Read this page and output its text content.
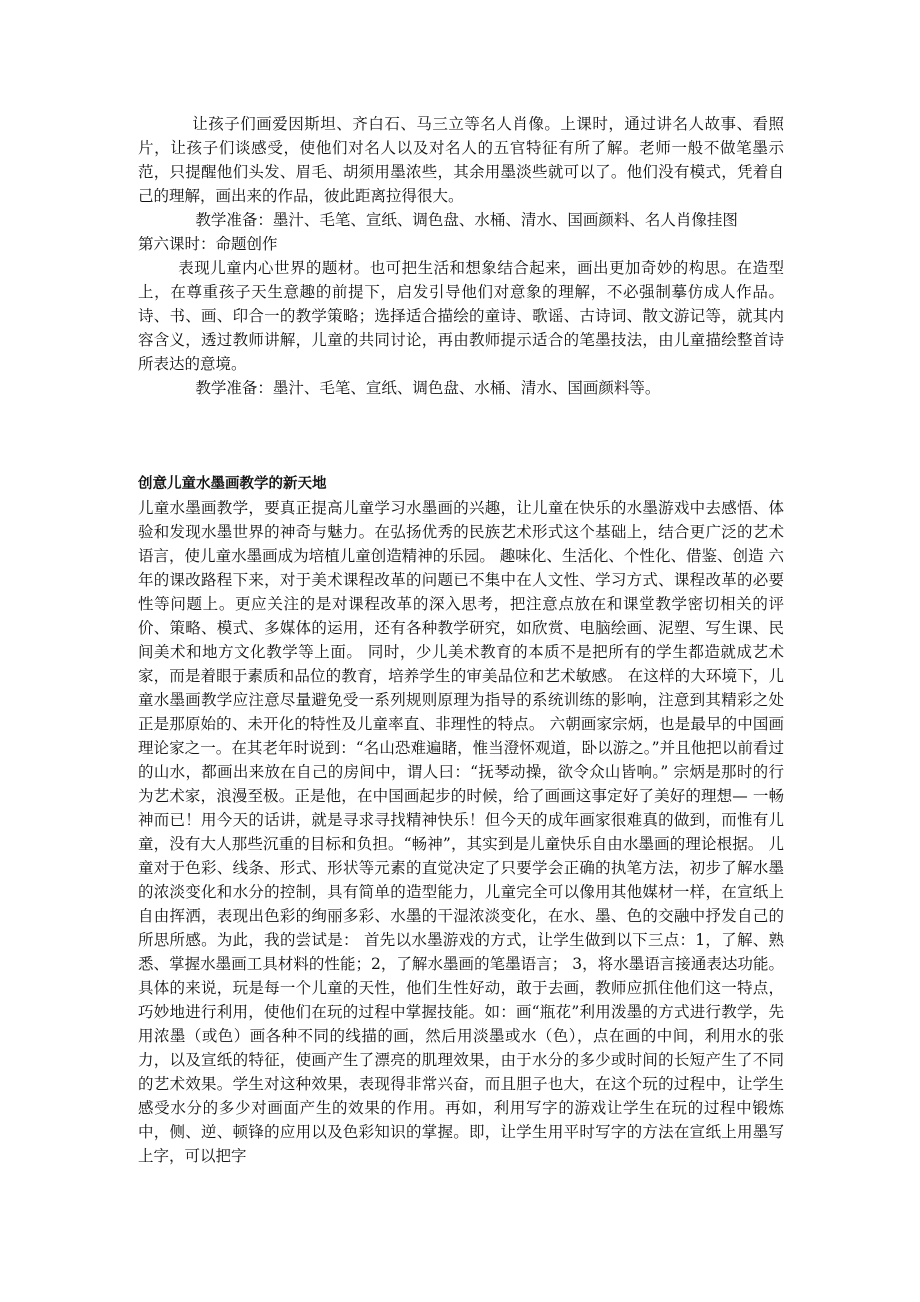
让孩子们画爱因斯坦、齐白石、马三立等名人肖像。上课时，通过讲名人故事、看照片，让孩子们谈感受，使他们对名人以及对名人的五官特征有所了解。老师一般不做笔墨示范，只提醒他们头发、眉毛、胡须用墨浓些，其余用墨淡些就可以了。他们没有模式，凭着自己的理解，画出来的作品，彼此距离拉得很大。

教学准备：墨汁、毛笔、宣纸、调色盘、水桶、清水、国画颜料、名人肖像挂图

第六课时：命题创作

表现儿童内心世界的题材。也可把生活和想象结合起来，画出更加奇妙的构思。在造型上，在尊重孩子天生意趣的前提下，启发引导他们对意象的理解，不必强制摹仿成人作品。诗、书、画、印合一的教学策略；选择适合描绘的童诗、歌谣、古诗词、散文游记等，就其内容含义，透过教师讲解，儿童的共同讨论，再由教师提示适合的笔墨技法，由儿童描绘整首诗所表达的意境。

教学准备：墨汁、毛笔、宣纸、调色盘、水桶、清水、国画颜料等。

创意儿童水墨画教学的新天地

儿童水墨画教学，要真正提高儿童学习水墨画的兴趣，让儿童在快乐的水墨游戏中去感悟、体验和发现水墨世界的神奇与魅力。在弘扬优秀的民族艺术形式这个基础上，结合更广泛的艺术语言，使儿童水墨画成为培植儿童创造精神的乐园。 趣味化、生活化、个性化、借鉴、创造 六年的课改路程下来，对于美术课程改革的问题已不集中在人文性、学习方式、课程改革的必要性等问题上。更应关注的是对课程改革的深入思考，把注意点放在和课堂教学密切相关的评价、策略、模式、多媒体的运用，还有各种教学研究，如欣赏、电脑绘画、泥塑、写生课、民间美术和地方文化教学等上面。 同时，少儿美术教育的本质不是把所有的学生都造就成艺术家，而是着眼于素质和品位的教育，培养学生的审美品位和艺术敏感。 在这样的大环境下，儿童水墨画教学应注意尽量避免受一系列规则原理为指导的系统训练的影响，注意到其精彩之处正是那原始的、未开化的特性及儿童率直、非理性的特点。 六朝画家宗炳，也是最早的中国画理论家之一。在其老年时说到：“名山恐难遍睹，惟当澄怀观道，卧以游之。”并且他把以前看过的山水，都画出来放在自己的房间中，谓人曰：“抚琴动操，欲令众山皆响。” 宗炳是那时的行为艺术家，浪漫至极。正是他，在中国画起步的时候，给了画画这事定好了美好的理想— 一畅神而已！用今天的话讲，就是寻求寻找精神快乐！但今天的成年画家很难真的做到，而惟有儿童，没有大人那些沉重的目标和负担。“畅神”，其实到是儿童快乐自由水墨画的理论根据。 儿童对于色彩、线条、形式、形状等元素的直觉决定了只要学会正确的执笔方法，初步了解水墨的浓淡变化和水分的控制，具有简单的造型能力，儿童完全可以像用其他媒材一样，在宣纸上自由挥洒，表现出色彩的绚丽多彩、水墨的干湿浓淡变化，在水、墨、色的交融中抒发自己的所思所感。为此，我的尝试是： 首先以水墨游戏的方式，让学生做到以下三点：1，了解、熟悉、掌握水墨画工具材料的性能；2，了解水墨画的笔墨语言； 3，将水墨语言接通表达功能。 具体的来说，玩是每一个儿童的天性，他们生性好动，敢于去画，教师应抓住他们这一特点，巧妙地进行利用，使他们在玩的过程中掌握技能。如：画“瓶花”利用泼墨的方式进行教学，先用浓墨（或色）画各种不同的线描的画，然后用淡墨或水（色），点在画的中间，利用水的张力，以及宣纸的特征，使画产生了漂亮的肌理效果，由于水分的多少或时间的长短产生了不同的艺术效果。学生对这种效果，表现得非常兴奋，而且胆子也大，在这个玩的过程中，让学生感受水分的多少对画面产生的效果的作用。再如，利用写字的游戏让学生在玩的过程中锻炼中，侧、逆、顿锋的应用以及色彩知识的掌握。即，让学生用平时写字的方法在宣纸上用墨写上字，可以把字
